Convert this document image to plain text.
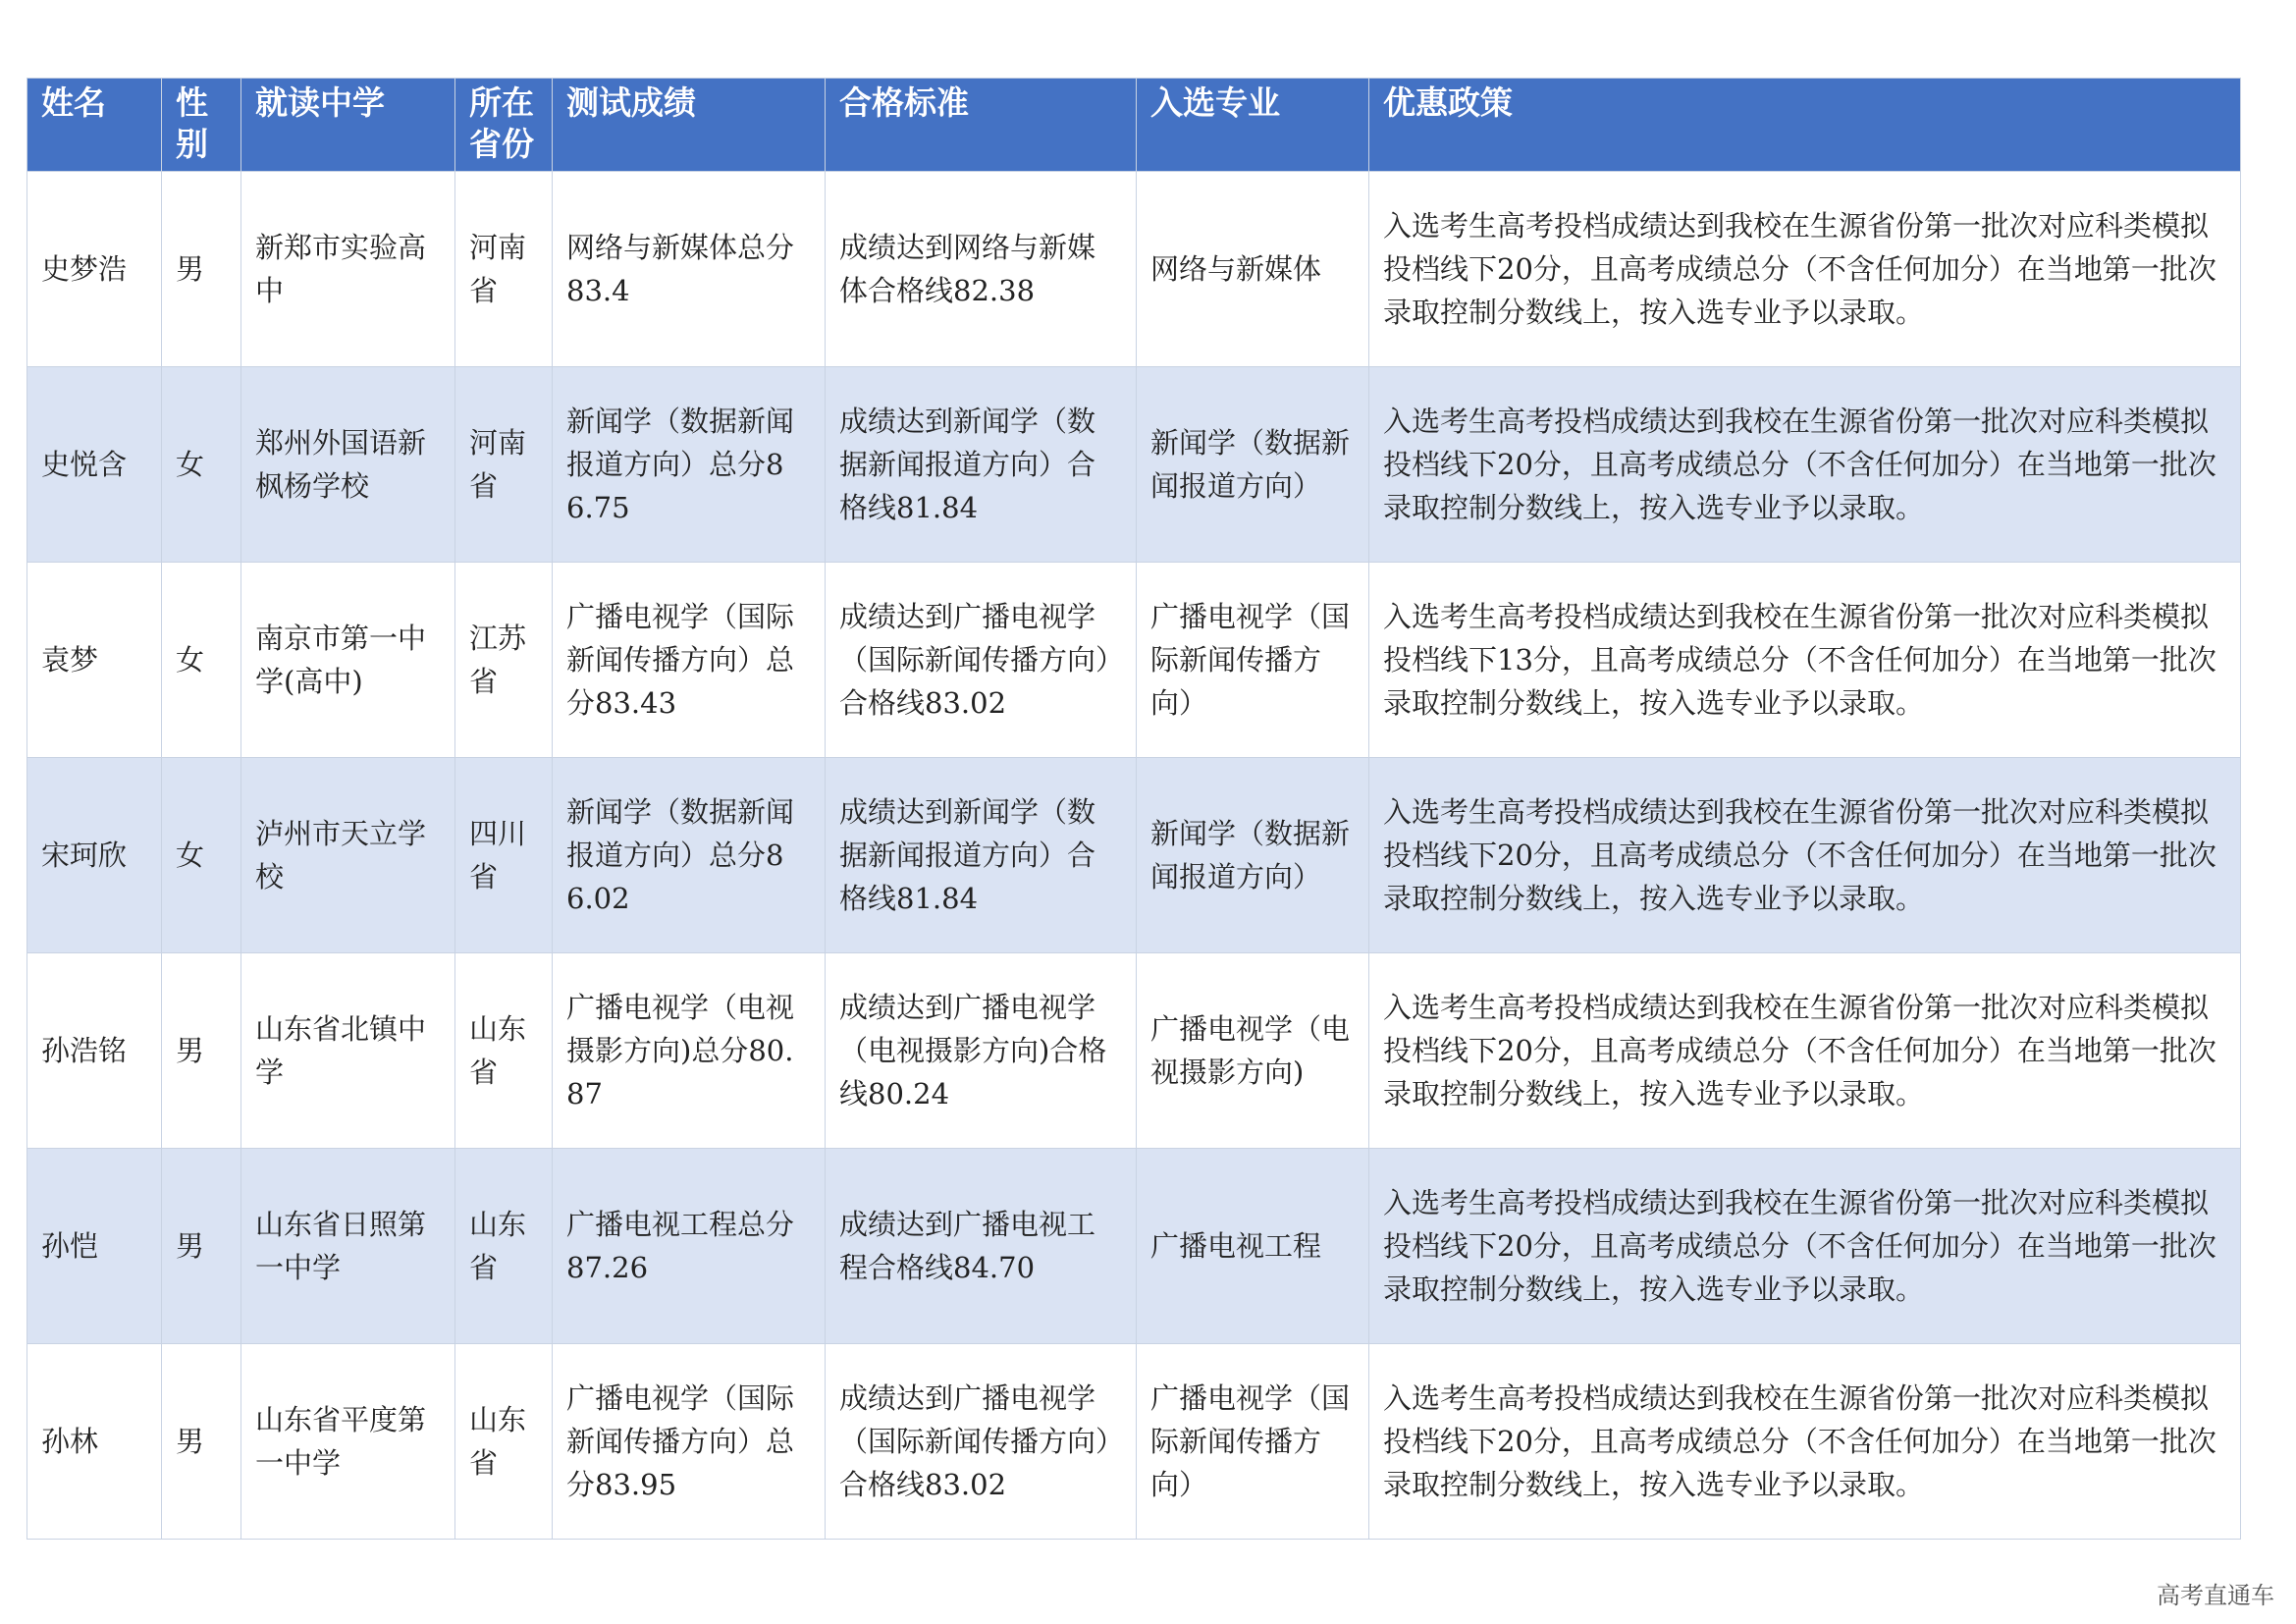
姓名	性别	就读中学	所在省份	测试成绩	合格标准	入选专业	优惠政策
史梦浩	男	新郑市实验高中	河南省	网络与新媒体总分83.4	成绩达到网络与新媒体合格线82.38	网络与新媒体	入选考生高考投档成绩达到我校在生源省份第一批次对应科类模拟投档线下20分，且高考成绩总分（不含任何加分）在当地第一批次录取控制分数线上，按入选专业予以录取。
史悦含	女	郑州外国语新枫杨学校	河南省	新闻学（数据新闻报道方向）总分86.75	成绩达到新闻学（数据新闻报道方向）合格线81.84	新闻学（数据新闻报道方向）	入选考生高考投档成绩达到我校在生源省份第一批次对应科类模拟投档线下20分，且高考成绩总分（不含任何加分）在当地第一批次录取控制分数线上，按入选专业予以录取。
袁梦	女	南京市第一中学(高中)	江苏省	广播电视学（国际新闻传播方向）总分83.43	成绩达到广播电视学（国际新闻传播方向）合格线83.02	广播电视学（国际新闻传播方向）	入选考生高考投档成绩达到我校在生源省份第一批次对应科类模拟投档线下13分，且高考成绩总分（不含任何加分）在当地第一批次录取控制分数线上，按入选专业予以录取。
宋珂欣	女	泸州市天立学校	四川省	新闻学（数据新闻报道方向）总分86.02	成绩达到新闻学（数据新闻报道方向）合格线81.84	新闻学（数据新闻报道方向）	入选考生高考投档成绩达到我校在生源省份第一批次对应科类模拟投档线下20分，且高考成绩总分（不含任何加分）在当地第一批次录取控制分数线上，按入选专业予以录取。
孙浩铭	男	山东省北镇中学	山东省	广播电视学（电视摄影方向)总分80.87	成绩达到广播电视学（电视摄影方向)合格线80.24	广播电视学（电视摄影方向)	入选考生高考投档成绩达到我校在生源省份第一批次对应科类模拟投档线下20分，且高考成绩总分（不含任何加分）在当地第一批次录取控制分数线上，按入选专业予以录取。
孙恺	男	山东省日照第一中学	山东省	广播电视工程总分87.26	成绩达到广播电视工程合格线84.70	广播电视工程	入选考生高考投档成绩达到我校在生源省份第一批次对应科类模拟投档线下20分，且高考成绩总分（不含任何加分）在当地第一批次录取控制分数线上，按入选专业予以录取。
孙林	男	山东省平度第一中学	山东省	广播电视学（国际新闻传播方向）总分83.95	成绩达到广播电视学（国际新闻传播方向）合格线83.02	广播电视学（国际新闻传播方向）	入选考生高考投档成绩达到我校在生源省份第一批次对应科类模拟投档线下20分，且高考成绩总分（不含任何加分）在当地第一批次录取控制分数线上，按入选专业予以录取。
高考直通车
